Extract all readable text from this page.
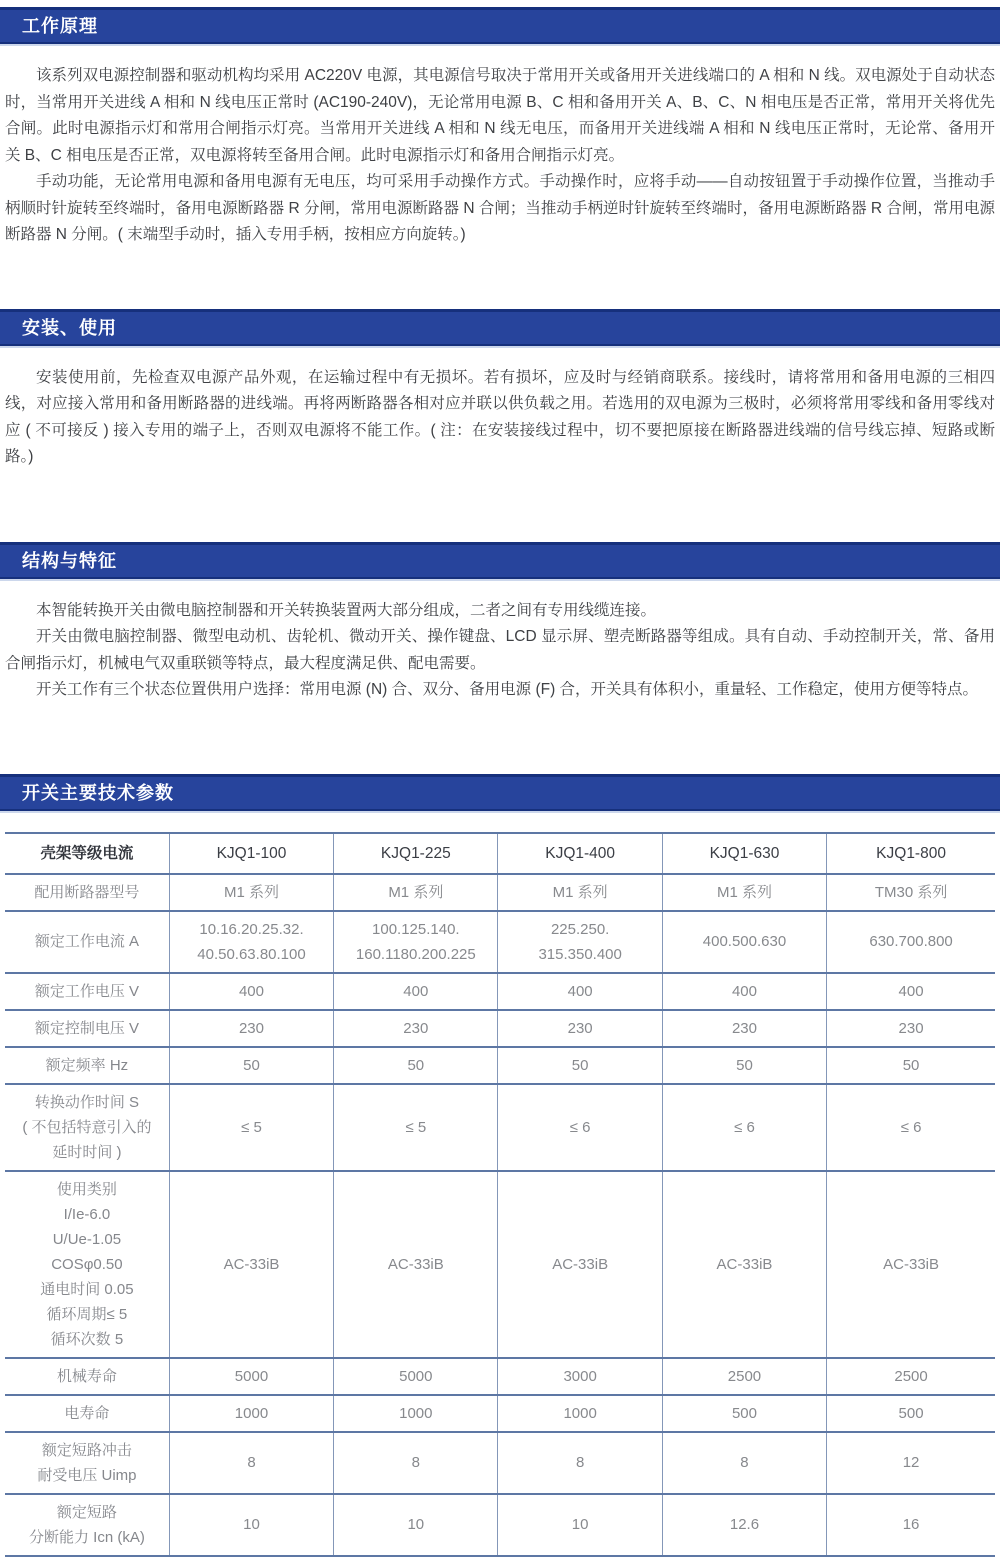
工作原理

该系列双电源控制器和驱动机构均采用 AC220V 电源，其电源信号取决于常用开关或备用开关进线端口的 A 相和 N 线。双电源处于自动状态时，当常用开关进线 A 相和 N 线电压正常时 (AC190-240V)，无论常用电源 B、C 相和备用开关 A、B、C、N 相电压是否正常，常用开关将优先合闸。此时电源指示灯和常用合闸指示灯亮。当常用开关进线 A 相和 N 线无电压，而备用开关进线端 A 相和 N 线电压正常时，无论常、备用开关 B、C 相电压是否正常，双电源将转至备用合闸。此时电源指示灯和备用合闸指示灯亮。

手动功能，无论常用电源和备用电源有无电压，均可采用手动操作方式。手动操作时，应将手动——自动按钮置于手动操作位置，当推动手柄顺时针旋转至终端时，备用电源断路器 R 分闸，常用电源断路器 N 合闸；当推动手柄逆时针旋转至终端时，备用电源断路器 R 合闸，常用电源断路器 N 分闸。( 末端型手动时，插入专用手柄，按相应方向旋转。)

安装、使用

安装使用前，先检查双电源产品外观，在运输过程中有无损坏。若有损坏，应及时与经销商联系。接线时，请将常用和备用电源的三相四线，对应接入常用和备用断路器的进线端。再将两断路器各相对应并联以供负载之用。若选用的双电源为三极时，必须将常用零线和备用零线对应 ( 不可接反 ) 接入专用的端子上，否则双电源将不能工作。( 注：在安装接线过程中，切不要把原接在断路器进线端的信号线忘掉、短路或断路。)

结构与特征

本智能转换开关由微电脑控制器和开关转换装置两大部分组成，二者之间有专用线缆连接。

开关由微电脑控制器、微型电动机、齿轮机、微动开关、操作键盘、LCD 显示屏、塑壳断路器等组成。具有自动、手动控制开关，常、备用合闸指示灯，机械电气双重联锁等特点，最大程度满足供、配电需要。

开关工作有三个状态位置供用户选择：常用电源 (N) 合、双分、备用电源 (F) 合，开关具有体积小，重量轻、工作稳定，使用方便等特点。

开关主要技术参数
壳架等级电流	KJQ1-100	KJQ1-225	KJQ1-400	KJQ1-630	KJQ1-800
配用断路器型号	M1 系列	M1 系列	M1 系列	M1 系列	TM30 系列
额定工作电流 A	10.16.20.25.32.
40.50.63.80.100	100.125.140.
160.1180.200.225	225.250.
315.350.400	400.500.630	630.700.800
额定工作电压 V	400	400	400	400	400
额定控制电压 V	230	230	230	230	230
额定频率 Hz	50	50	50	50	50
转换动作时间 S
( 不包括特意引入的
延时时间 )	≤ 5	≤ 5	≤ 6	≤ 6	≤ 6
使用类别
I/Ie-6.0
U/Ue-1.05
COSφ0.50
通电时间 0.05
循环周期≤ 5
循环次数 5	AC-33iB	AC-33iB	AC-33iB	AC-33iB	AC-33iB
机械寿命	5000	5000	3000	2500	2500
电寿命	1000	1000	1000	500	500
额定短路冲击
耐受电压 Uimp	8	8	8	8	12
额定短路
分断能力 Icn (kA)	10	10	10	12.6	16
